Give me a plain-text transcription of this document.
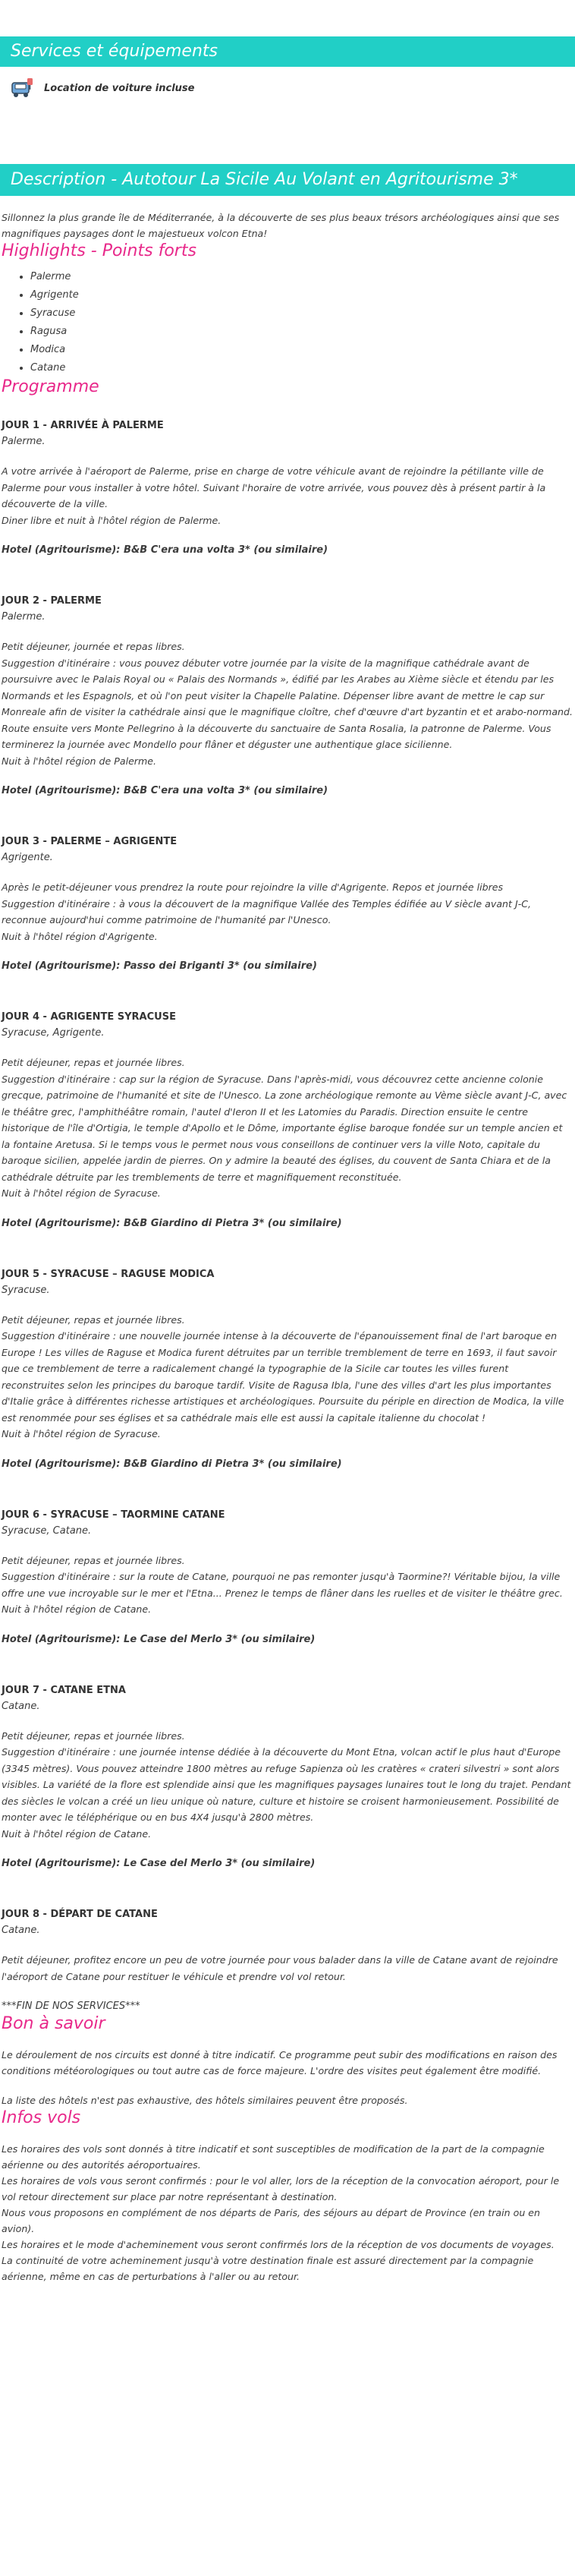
Services et équipements
Location de voiture incluse
Description - Autotour La Sicile Au Volant en Agritourisme 3*

Sillonnez la plus grande île de Méditerranée, à la découverte de ses plus beaux trésors archéologiques ainsi que ses magnifiques paysages dont le majestueux volcon Etna!

Highlights - Points forts
• Palerme
• Agrigente
• Syracuse
• Ragusa
• Modica
• Catane
Programme

JOUR 1 - ARRIVÉE À PALERME

Palerme.

A votre arrivée à l'aéroport de Palerme, prise en charge de votre véhicule avant de rejoindre la pétillante ville de Palerme pour vous installer à votre hôtel. Suivant l'horaire de votre arrivée, vous pouvez dès à présent partir à la découverte de la ville.
Diner libre et nuit à l'hôtel région de Palerme.

Hotel (Agritourisme): B&B C'era una volta 3* (ou similaire)

JOUR 2 - PALERME

Palerme.

Petit déjeuner, journée et repas libres.
Suggestion d'itinéraire : vous pouvez débuter votre journée par la visite de la magnifique cathédrale avant de poursuivre avec le Palais Royal ou « Palais des Normands », édifié par les Arabes au Xième siècle et étendu par les Normands et les Espagnols, et où l'on peut visiter la Chapelle Palatine. Dépenser libre avant de mettre le cap sur Monreale afin de visiter la cathédrale ainsi que le magnifique cloître, chef d'œuvre d'art byzantin et et arabo-normand. Route ensuite vers Monte Pellegrino à la découverte du sanctuaire de Santa Rosalia, la patronne de Palerme. Vous terminerez la journée avec Mondello pour flâner et déguster une authentique glace sicilienne.
Nuit à l'hôtel région de Palerme.

Hotel (Agritourisme): B&B C'era una volta 3* (ou similaire)

JOUR 3 - PALERME – AGRIGENTE

Agrigente.

Après le petit-déjeuner vous prendrez la route pour rejoindre la ville d'Agrigente. Repos et journée libres
Suggestion d'itinéraire : à vous la découvert de la magnifique Vallée des Temples édifiée au V siècle avant J-C, reconnue aujourd'hui comme patrimoine de l'humanité par l'Unesco.
Nuit à l'hôtel région d'Agrigente.

Hotel (Agritourisme): Passo dei Briganti 3* (ou similaire)

JOUR 4 - AGRIGENTE SYRACUSE

Syracuse, Agrigente.

Petit déjeuner, repas et journée libres.
Suggestion d'itinéraire : cap sur la région de Syracuse. Dans l'après-midi, vous découvrez cette ancienne colonie grecque, patrimoine de l'humanité et site de l'Unesco. La zone archéologique remonte au Vème siècle avant J-C, avec le théâtre grec, l'amphithéâtre romain, l'autel d'Ieron II et les Latomies du Paradis. Direction ensuite le centre historique de l'île d'Ortigia, le temple d'Apollo et le Dôme, importante église baroque fondée sur un temple ancien et la fontaine Aretusa. Si le temps vous le permet nous vous conseillons de continuer vers la ville Noto, capitale du baroque sicilien, appelée jardin de pierres. On y admire la beauté des églises, du couvent de Santa Chiara et de la cathédrale détruite par les tremblements de terre et magnifiquement reconstituée.
Nuit à l'hôtel région de Syracuse.

Hotel (Agritourisme): B&B Giardino di Pietra 3* (ou similaire)

JOUR 5 - SYRACUSE – RAGUSE MODICA

Syracuse.

Petit déjeuner, repas et journée libres.
Suggestion d'itinéraire : une nouvelle journée intense à la découverte de l'épanouissement final de l'art baroque en Europe ! Les villes de Raguse et Modica furent détruites par un terrible tremblement de terre en 1693, il faut savoir que ce tremblement de terre a radicalement changé la typographie de la Sicile car toutes les villes furent reconstruites selon les principes du baroque tardif. Visite de Ragusa Ibla, l'une des villes d'art les plus importantes d'Italie grâce à différentes richesse artistiques et archéologiques. Poursuite du périple en direction de Modica, la ville est renommée pour ses églises et sa cathédrale mais elle est aussi la capitale italienne du chocolat !
Nuit à l'hôtel région de Syracuse.

Hotel (Agritourisme): B&B Giardino di Pietra 3* (ou similaire)

JOUR 6 - SYRACUSE – TAORMINE CATANE

Syracuse, Catane.

Petit déjeuner, repas et journée libres.
Suggestion d'itinéraire : sur la route de Catane, pourquoi ne pas remonter jusqu'à Taormine?! Véritable bijou, la ville offre une vue incroyable sur le mer et l'Etna... Prenez le temps de flâner dans les ruelles et de visiter le théâtre grec.
Nuit à l'hôtel région de Catane.

Hotel (Agritourisme): Le Case del Merlo 3* (ou similaire)

JOUR 7 - CATANE ETNA

Catane.

Petit déjeuner, repas et journée libres.
Suggestion d'itinéraire : une journée intense dédiée à la découverte du Mont Etna, volcan actif le plus haut d'Europe (3345 mètres). Vous pouvez atteindre 1800 mètres au refuge Sapienza où les cratères « crateri silvestri » sont alors visibles. La variété de la flore est splendide ainsi que les magnifiques paysages lunaires tout le long du trajet. Pendant des siècles le volcan a créé un lieu unique où nature, culture et histoire se croisent harmonieusement. Possibilité de monter avec le téléphérique ou en bus 4X4 jusqu'à 2800 mètres.
Nuit à l'hôtel région de Catane.

Hotel (Agritourisme): Le Case del Merlo 3* (ou similaire)

JOUR 8 - DÉPART DE CATANE

Catane.

Petit déjeuner, profitez encore un peu de votre journée pour vous balader dans la ville de Catane avant de rejoindre l'aéroport de Catane pour restituer le véhicule et prendre vol vol retour.

***FIN DE NOS SERVICES***

Bon à savoir

Le déroulement de nos circuits est donné à titre indicatif. Ce programme peut subir des modifications en raison des conditions météorologiques ou tout autre cas de force majeure. L'ordre des visites peut également être modifié.

La liste des hôtels n'est pas exhaustive, des hôtels similaires peuvent être proposés.

Infos vols

Les horaires des vols sont donnés à titre indicatif et sont susceptibles de modification de la part de la compagnie aérienne ou des autorités aéroportuaires.
Les horaires de vols vous seront confirmés : pour le vol aller, lors de la réception de la convocation aéroport, pour le vol retour directement sur place par notre représentant à destination.
Nous vous proposons en complément de nos départs de Paris, des séjours au départ de Province (en train ou en avion).
Les horaires et le mode d'acheminement vous seront confirmés lors de la réception de vos documents de voyages.
La continuité de votre acheminement jusqu'à votre destination finale est assuré directement par la compagnie aérienne, même en cas de perturbations à l'aller ou au retour.
